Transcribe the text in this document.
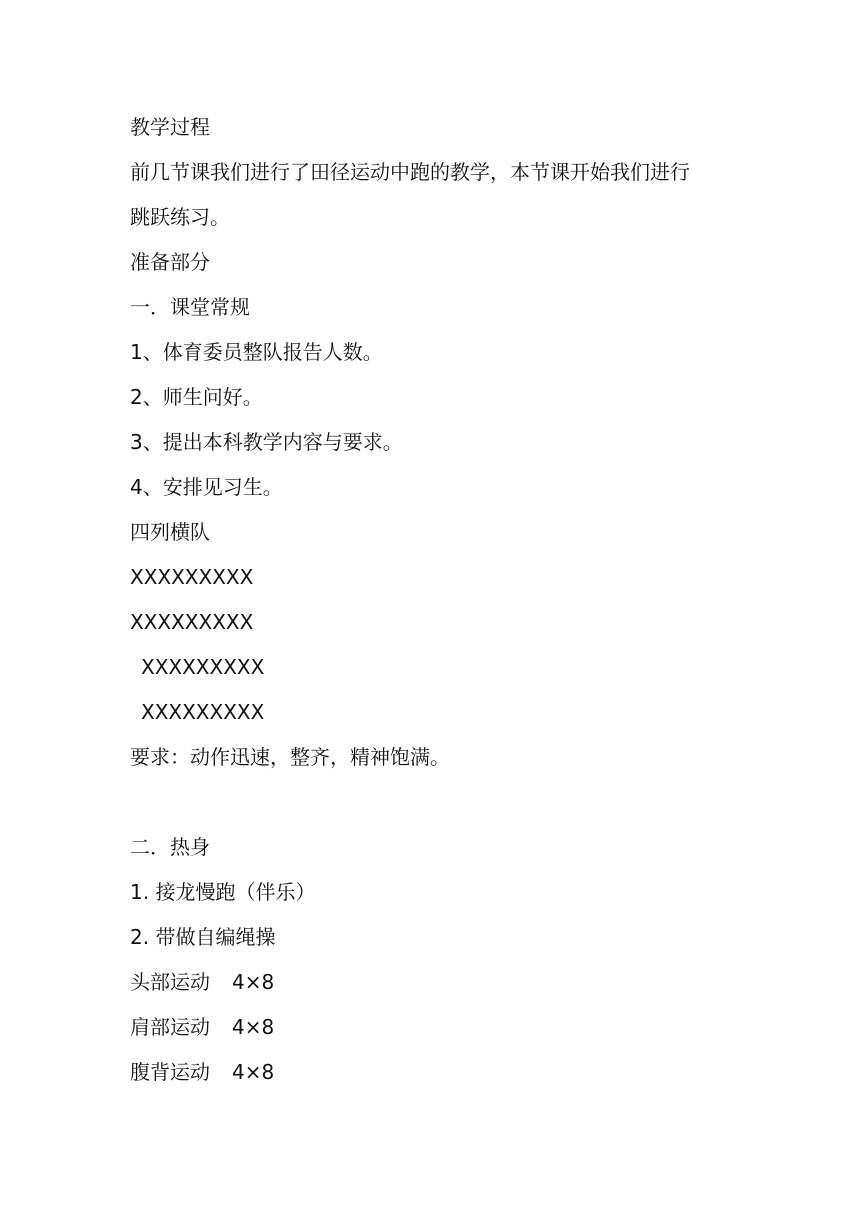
教学过程
前几节课我们进行了田径运动中跑的教学，本节课开始我们进行
跳跃练习。
准备部分
一．课堂常规
1、体育委员整队报告人数。
2、师生问好。
3、提出本科教学内容与要求。
4、安排见习生。
四列横队
XXXXXXXXX
XXXXXXXXX
XXXXXXXXX
XXXXXXXXX
要求：动作迅速，整齐，精神饱满。
二．热身
1. 接龙慢跑（伴乐）
2. 带做自编绳操
头部运动 4×8
肩部运动 4×8
腹背运动 4×8
